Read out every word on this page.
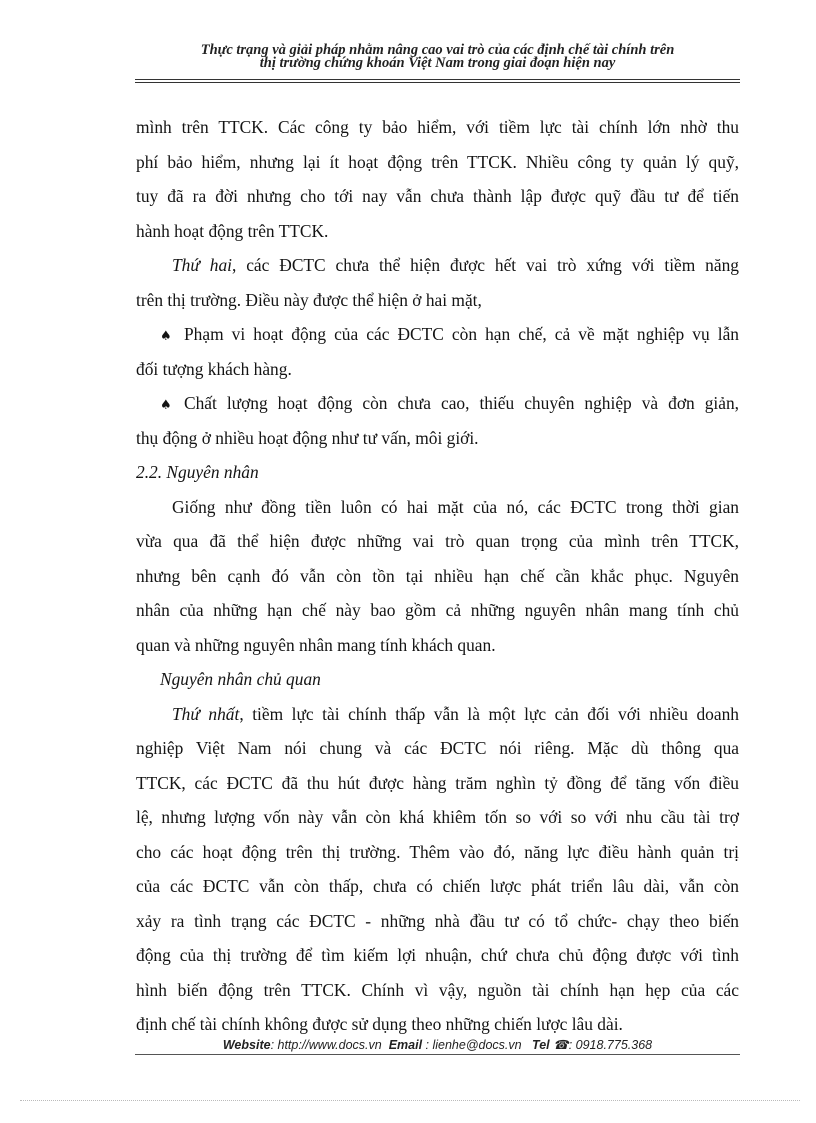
Thực trạng và giải pháp nhằm nâng cao vai trò của các định chế tài chính trên
thị trường chứng khoán Việt Nam trong giai đoạn hiện nay
mình trên TTCK. Các công ty bảo hiểm, với tiềm lực tài chính lớn nhờ thu
phí bảo hiểm, nhưng lại ít hoạt động trên TTCK. Nhiều công ty quản lý quỹ,
tuy đã ra đời nhưng cho tới nay vẫn chưa thành lập được quỹ đầu tư để tiến
hành hoạt động trên TTCK.
Thứ hai, các ĐCTC chưa thể hiện được hết vai trò xứng với tiềm năng
trên thị trường. Điều này được thể hiện ở hai mặt,
♠ Phạm vi hoạt động của các ĐCTC còn hạn chế, cả về mặt nghiệp vụ lẫn
đối tượng khách hàng.
♠ Chất lượng hoạt động còn chưa cao, thiếu chuyên nghiệp và đơn giản,
thụ động ở nhiều hoạt động như tư vấn, môi giới.
2.2. Nguyên nhân
Giống như đồng tiền luôn có hai mặt của nó, các ĐCTC trong thời gian
vừa qua đã thể hiện được những vai trò quan trọng của mình trên TTCK,
nhưng bên cạnh đó vẫn còn tồn tại nhiều hạn chế cần khắc phục. Nguyên
nhân của những hạn chế này bao gồm cả những nguyên nhân mang tính chủ
quan và những nguyên nhân mang tính khách quan.
Nguyên nhân chủ quan
Thứ nhất, tiềm lực tài chính thấp vẫn là một lực cản đối với nhiều doanh
nghiệp Việt Nam nói chung và các ĐCTC nói riêng. Mặc dù thông qua
TTCK, các ĐCTC đã thu hút được hàng trăm nghìn tỷ đồng để tăng vốn điều
lệ, nhưng lượng vốn này vẫn còn khá khiêm tốn so với so với nhu cầu tài trợ
cho các hoạt động trên thị trường. Thêm vào đó, năng lực điều hành quản trị
của các ĐCTC vẫn còn thấp, chưa có chiến lược phát triển lâu dài, vẫn còn
xảy ra tình trạng các ĐCTC - những nhà đầu tư có tổ chức- chạy theo biến
động của thị trường để tìm kiếm lợi nhuận, chứ chưa chủ động được với tình
hình biến động trên TTCK. Chính vì vậy, nguồn tài chính hạn hẹp của các
định chế tài chính không được sử dụng theo những chiến lược lâu dài.
Website: http://www.docs.vn Email : lienhe@docs.vn Tel ☎: 0918.775.368
